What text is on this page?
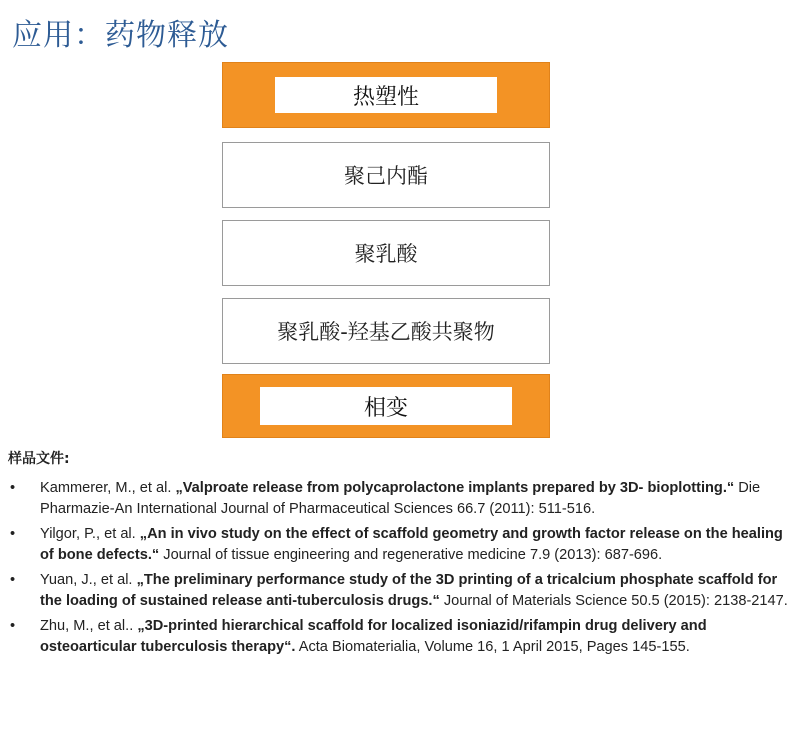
应用：药物释放
热塑性
聚己内酯
聚乳酸
聚乳酸-羟基乙酸共聚物
相变
样品文件:
• Kammerer, M., et al. „Valproate release from polycaprolactone implants prepared by 3D- bioplotting.“ Die Pharmazie-An International Journal of Pharmaceutical Sciences 66.7 (2011): 511-516.
• Yilgor, P., et al. „An in vivo study on the effect of scaffold geometry and growth factor release on the healing of bone defects.“ Journal of tissue engineering and regenerative medicine 7.9 (2013): 687-696.
• Yuan, J., et al. „The preliminary performance study of the 3D printing of a tricalcium phosphate scaffold for the loading of sustained release anti-tuberculosis drugs.“ Journal of Materials Science 50.5 (2015): 2138-2147.
• Zhu, M., et al.. „3D-printed hierarchical scaffold for localized isoniazid/rifampin drug delivery and osteoarticular tuberculosis therapy“. Acta Biomaterialia, Volume 16, 1 April 2015, Pages 145-155.
